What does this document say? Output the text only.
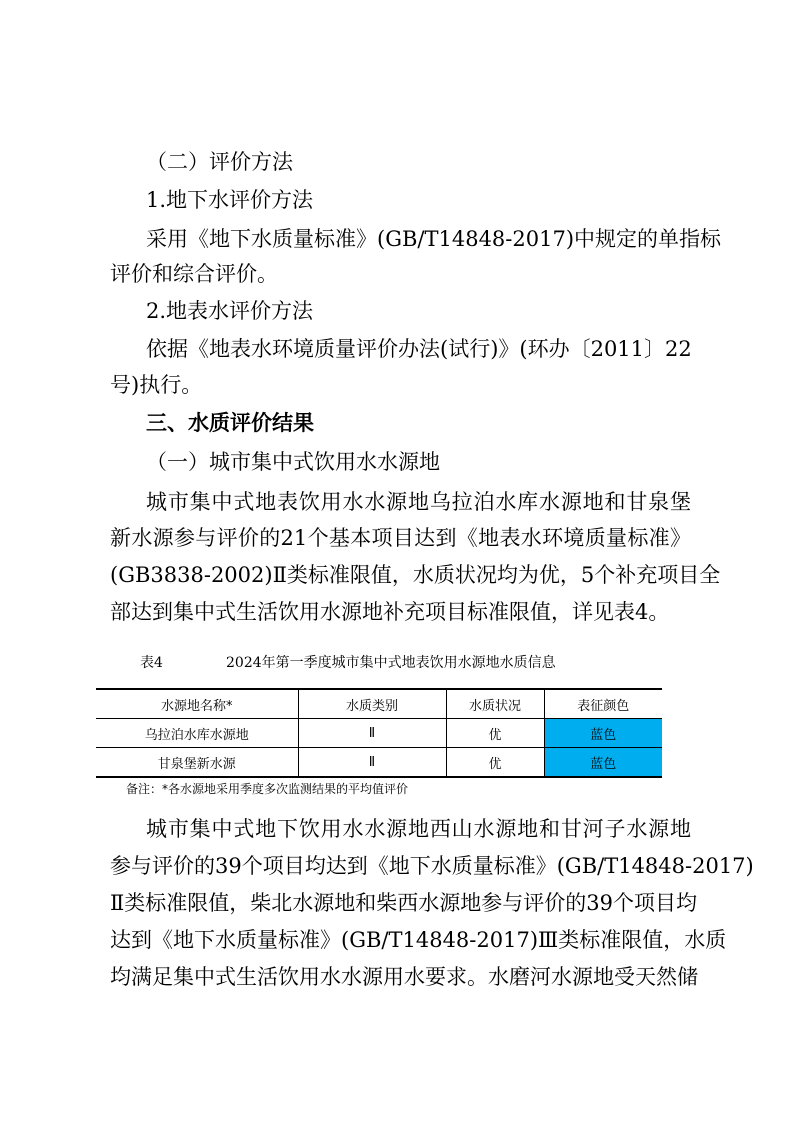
（二）评价方法
1.地下水评价方法
采用《地下水质量标准》(GB/T14848-2017)中规定的单指标
评价和综合评价。
2.地表水评价方法
依据《地表水环境质量评价办法(试行)》(环办〔2011〕22
号)执行。
三、水质评价结果
（一）城市集中式饮用水水源地
城市集中式地表饮用水水源地乌拉泊水库水源地和甘泉堡
新水源参与评价的21个基本项目达到《地表水环境质量标准》
(GB3838-2002)Ⅱ类标准限值，水质状况均为优，5个补充项目全
部达到集中式生活饮用水源地补充项目标准限值，详见表4。
表4	2024年第一季度城市集中式地表饮用水源地水质信息
水源地名称*	水质类别	水质状况	表征颜色
乌拉泊水库水源地	Ⅱ	优	蓝色
甘泉堡新水源	Ⅱ	优	蓝色
备注：*各水源地采用季度多次监测结果的平均值评价
城市集中式地下饮用水水源地西山水源地和甘河子水源地
参与评价的39个项目均达到《地下水质量标准》(GB/T14848-2017)
Ⅱ类标准限值，柴北水源地和柴西水源地参与评价的39个项目均
达到《地下水质量标准》(GB/T14848-2017)Ⅲ类标准限值，水质
均满足集中式生活饮用水水源用水要求。水磨河水源地受天然储
